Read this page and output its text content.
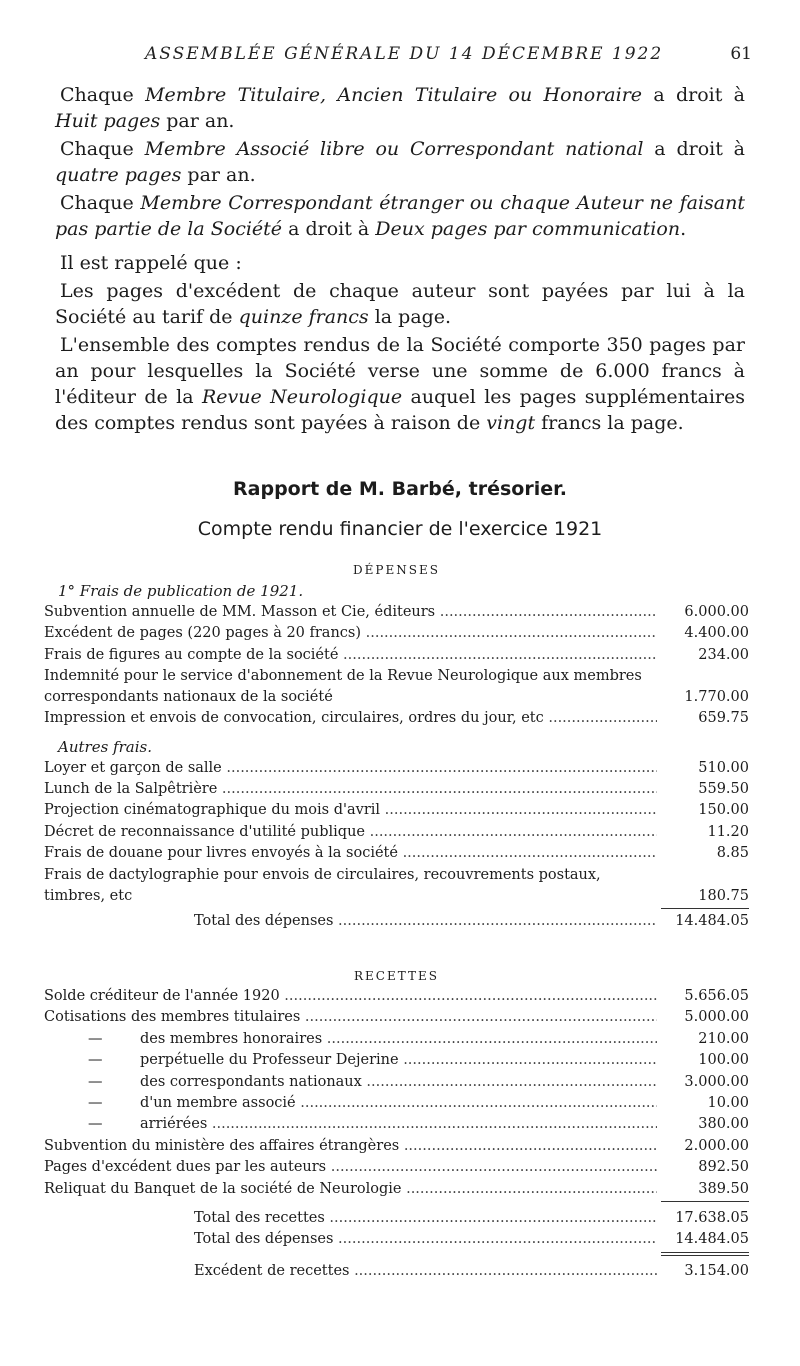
ASSEMBLÉE GÉNÉRALE DU 14 DÉCEMBRE 1922	61

Chaque Membre Titulaire, Ancien Titulaire ou Honoraire a droit à Huit pages par an.

Chaque Membre Associé libre ou Correspondant national a droit à quatre pages par an.

Chaque Membre Correspondant étranger ou chaque Auteur ne faisant pas partie de la Société a droit à Deux pages par communication.

Il est rappelé que :

Les pages d'excédent de chaque auteur sont payées par lui à la Société au tarif de quinze francs la page.

L'ensemble des comptes rendus de la Société comporte 350 pages par an pour lesquelles la Société verse une somme de 6.000 francs à l'éditeur de la Revue Neurologique auquel les pages supplémentaires des comptes rendus sont payées à raison de vingt francs la page.

Rapport de M. Barbé, trésorier.
Compte rendu financier de l'exercice 1921
DÉPENSES
1° Frais de publication de 1921.
Subvention annuelle de MM. Masson et Cie, éditeurs .....	6.000.00
Excédent de pages (220 pages à 20 francs) .....	4.400.00
Frais de figures au compte de la société .....	234.00
Indemnité pour le service d'abonnement de la Revue Neurologique aux membres correspondants nationaux de la société .....	1.770.00
Impression et envois de convocation, circulaires, ordres du jour, etc .....	659.75
Autres frais.
Loyer et garçon de salle .....	510.00
Lunch de la Salpêtrière .....	559.50
Projection cinématographique du mois d'avril .....	150.00
Décret de reconnaissance d'utilité publique .....	11.20
Frais de douane pour livres envoyés à la société .....	8.85
Frais de dactylographie pour envois de circulaires, recouvrements postaux, timbres, etc .....	180.75
Total des dépenses .....	14.484.05
RECETTES
Solde créditeur de l'année 1920 .....	5.656.05
Cotisations des membres titulaires .....	5.000.00
—	des membres honoraires .....	210.00
—	perpétuelle du Professeur Dejerine .....	100.00
—	des correspondants nationaux .....	3.000.00
—	d'un membre associé .....	10.00
—	arriérées .....	380.00
Subvention du ministère des affaires étrangères .....	2.000.00
Pages d'excédent dues par les auteurs .....	892.50
Reliquat du Banquet de la société de Neurologie .....	389.50
Total des recettes .....	17.638.05
Total des dépenses .....	14.484.05
Excédent de recettes .....	3.154.00
